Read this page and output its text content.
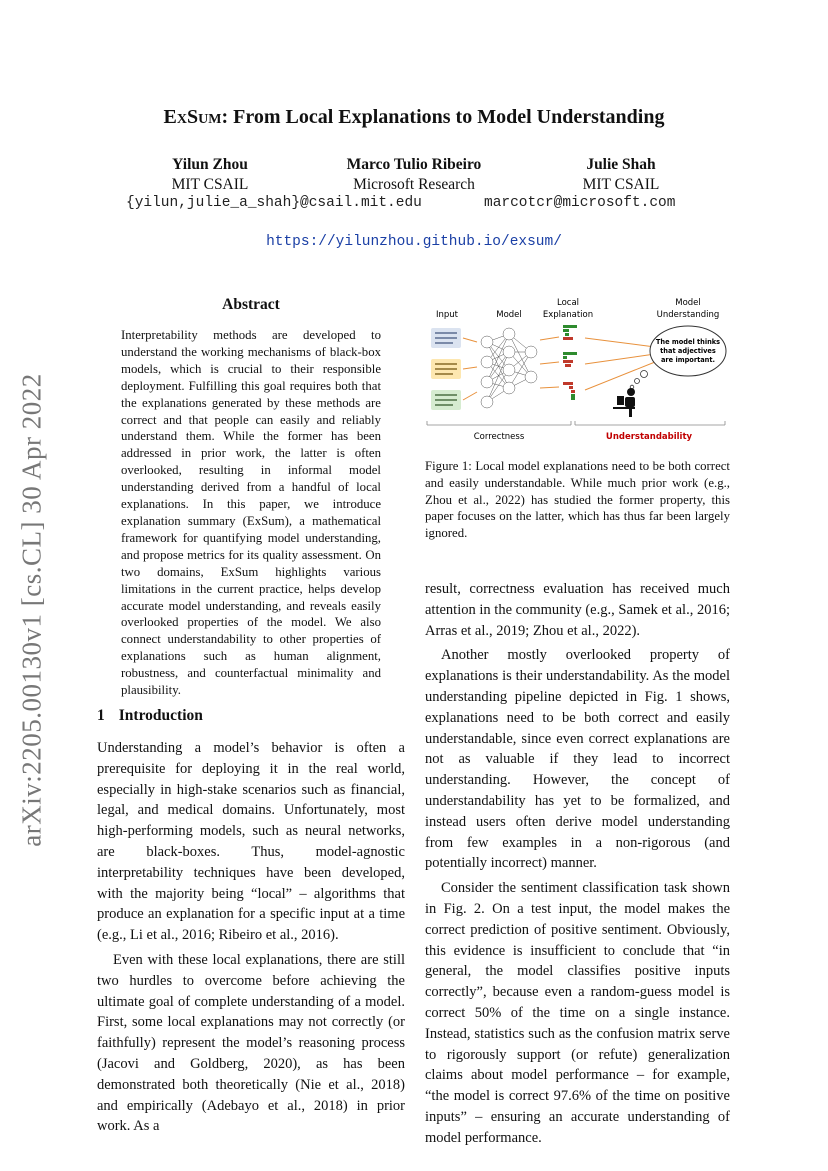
arXiv:2205.00130v1 [cs.CL] 30 Apr 2022
ExSum: From Local Explanations to Model Understanding
Yilun Zhou
MIT CSAIL
Marco Tulio Ribeiro
Microsoft Research
Julie Shah
MIT CSAIL
{yilun,julie_a_shah}@csail.mit.edu	marcotcr@microsoft.com
https://yilunzhou.github.io/exsum/
Abstract
Interpretability methods are developed to understand the working mechanisms of black-box models, which is crucial to their responsible deployment. Fulfilling this goal requires both that the explanations generated by these methods are correct and that people can easily and reliably understand them. While the former has been addressed in prior work, the latter is often overlooked, resulting in informal model understanding derived from a handful of local explanations. In this paper, we introduce explanation summary (ExSum), a mathematical framework for quantifying model understanding, and propose metrics for its quality assessment. On two domains, ExSum highlights various limitations in the current practice, helps develop accurate model understanding, and reveals easily overlooked properties of the model. We also connect understandability to other properties of explanations such as human alignment, robustness, and counterfactual minimality and plausibility.
1 Introduction

Understanding a model’s behavior is often a prerequisite for deploying it in the real world, especially in high-stake scenarios such as financial, legal, and medical domains. Unfortunately, most high-performing models, such as neural networks, are black-boxes. Thus, model-agnostic interpretability techniques have been developed, with the majority being “local” – algorithms that produce an explanation for a specific input at a time (e.g., Li et al., 2016; Ribeiro et al., 2016).

Even with these local explanations, there are still two hurdles to overcome before achieving the ultimate goal of complete understanding of a model. First, some local explanations may not correctly (or faithfully) represent the model’s reasoning process (Jacovi and Goldberg, 2020), as has been demonstrated both theoretically (Nie et al., 2018) and empirically (Adebayo et al., 2018) in prior work. As a

Input	Model
Local
Explanation
Model
Understanding
The model thinks
that adjectives
are important.
Correctness	Understandability
Figure 1: Local model explanations need to be both correct and easily understandable. While much prior work (e.g., Zhou et al., 2022) has studied the former property, this paper focuses on the latter, which has thus far been largely ignored.

result, correctness evaluation has received much attention in the community (e.g., Samek et al., 2016; Arras et al., 2019; Zhou et al., 2022).

Another mostly overlooked property of explanations is their understandability. As the model understanding pipeline depicted in Fig. 1 shows, explanations need to be both correct and easily understandable, since even correct explanations are not as valuable if they lead to incorrect understanding. However, the concept of understandability has yet to be formalized, and instead users often derive model understanding from few examples in a non-rigorous (and potentially incorrect) manner.

Consider the sentiment classification task shown in Fig. 2. On a test input, the model makes the correct prediction of positive sentiment. Obviously, this evidence is insufficient to conclude that “in general, the model classifies positive inputs correctly”, because even a random-guess model is correct 50% of the time on a single instance. Instead, statistics such as the confusion matrix serve to rigorously support (or refute) generalization claims about model performance – for example, “the model is correct 97.6% of the time on positive inputs” – ensuring an accurate understanding of model performance.
